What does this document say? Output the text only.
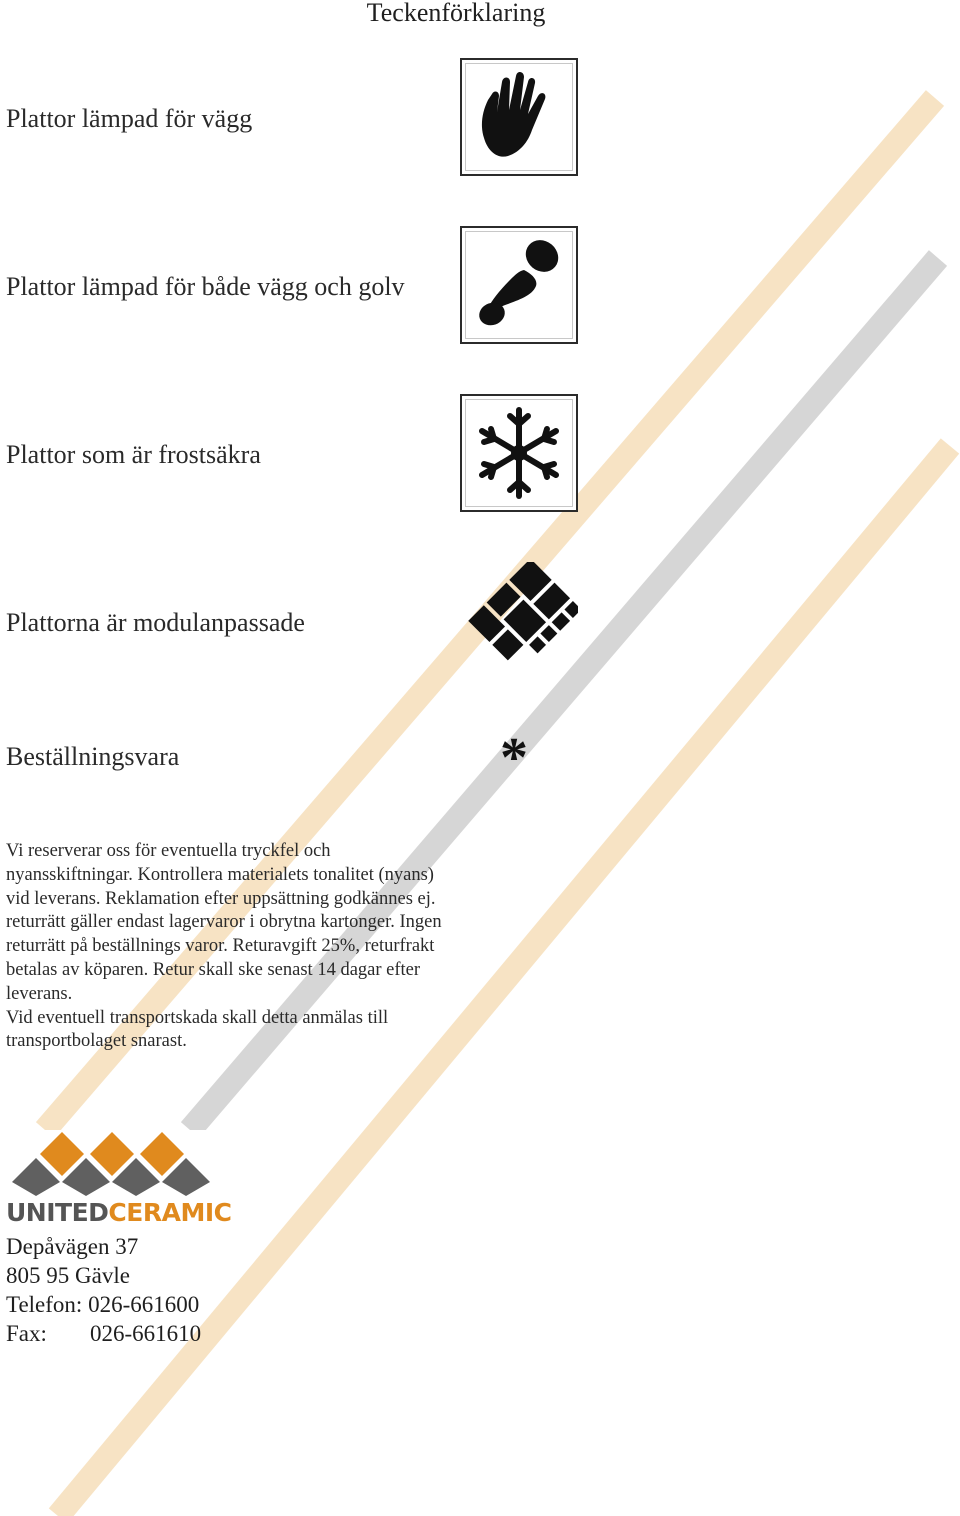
Teckenförklaring
Plattor lämpad för vägg
Plattor lämpad för både vägg och golv
Plattor som är frostsäkra
Plattorna är modulanpassade
Beställningsvara	*

Vi reserverar oss för eventuella tryckfel och nyansskiftningar. Kontrollera materialets tonalitet (nyans) vid leverans. Reklamation efter uppsättning godkännes ej. returrätt gäller endast lagervaror i obrytna kartonger. Ingen returrätt på beställnings varor. Returavgift 25%, returfrakt betalas av köparen. Retur skall ske senast 14 dagar efter leverans.

Vid eventuell transportskada skall detta anmälas till transportbolaget snarast.

UNITEDCERAMIC
Depåvägen 37
805 95 Gävle
Telefon: 026-661600
Fax: 026-661610
